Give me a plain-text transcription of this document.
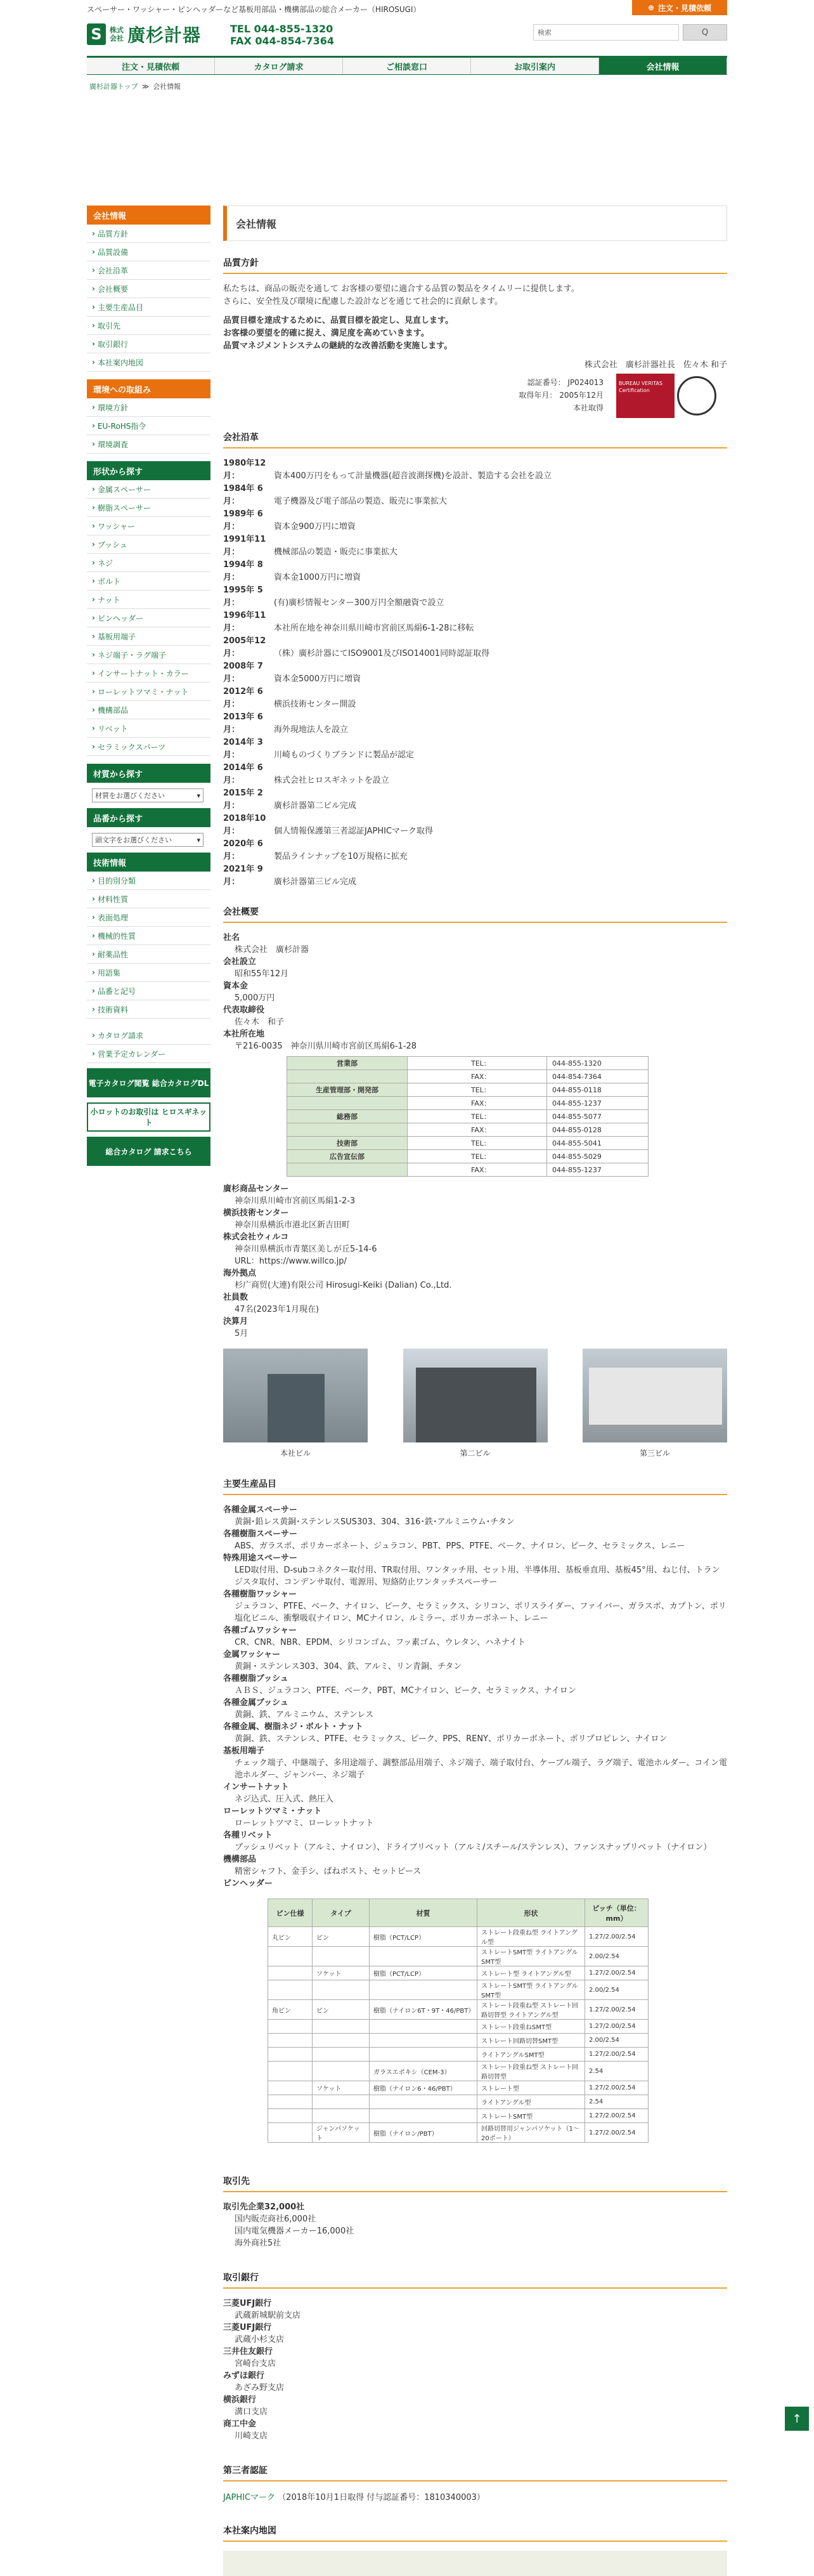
スペーサー・ワッシャー・ピンヘッダーなど基板用部品・機構部品の総合メーカー（HIROSUGI）	⊕ 注文・見積依頼
S	株式
会社 廣杉計器	TEL 044-855-1320
FAX 044-854-7364
検索	Q
注文・見積依頼	カタログ請求	ご相談窓口	お取引案内	会社情報
廣杉計器トップ ≫ 会社情報
会社情報
› 品質方針
› 品質設備
› 会社沿革
› 会社概要
› 主要生産品目
› 取引先
› 取引銀行
› 本社案内地図
環境への取組み
› 環境方針
› EU-RoHS指令
› 環境調査
形状から探す
› 金属スペーサー
› 樹脂スペーサー
› ワッシャー
› ブッシュ
› ネジ
› ボルト
› ナット
› ピンヘッダー
› 基板用端子
› ネジ端子・ラグ端子
› インサートナット・カラー
› ローレットツマミ・ナット
› 機構部品
› リベット
› セラミックスパーツ
材質から探す
材質をお選びください	▾
品番から探す
頭文字をお選びください	▾
技術情報
› 目的別分類
› 材料性質
› 表面処理
› 機械的性質
› 耐薬品性
› 用語集
› 品番と記号
› 技術資料
› カタログ請求
› 営業予定カレンダー
電子カタログ閲覧 総合カタログDL
小ロットのお取引は ヒロスギネット
総合カタログ 請求こちら
会社情報
品質方針
私たちは、商品の販売を通して お客様の要望に適合する品質の製品をタイムリーに提供します。
さらに、安全性及び環境に配慮した設計などを通じて社会的に貢献します。
品質目標を達成するために、品質目標を設定し、見直します。
お客様の要望を的確に捉え、満足度を高めていきます。
品質マネジメントシステムの継続的な改善活動を実施します。
株式会社　廣杉計器社長　佐々木 和子
認証番号： JP024013
取得年月： 2005年12月
本社取得
BUREAU VERITAS Certification
会社沿革
1980年12月：	資本400万円をもって計量機器(超音波測探機)を設計、製造する会社を設立
1984年 6月：	電子機器及び電子部品の製造、販売に事業拡大
1989年 6月：	資本金900万円に増資
1991年11月：	機械部品の製造・販売に事業拡大
1994年 8月：	資本金1000万円に増資
1995年 5月：	(有)廣杉情報センター300万円全額融資で設立
1996年11月：	本社所在地を神奈川県川崎市宮前区馬絹6-1-28に移転
2005年12月：	（株）廣杉計器にてISO9001及びISO14001同時認証取得
2008年 7月：	資本金5000万円に増資
2012年 6月：	横浜技術センター開設
2013年 6月：	海外現地法人を設立
2014年 3月：	川崎ものづくりブランドに製品が認定
2014年 6月：	株式会社ヒロスギネットを設立
2015年 2月：	廣杉計器第二ビル完成
2018年10月：	個人情報保護第三者認証JAPHICマーク取得
2020年 6月：	製品ラインナップを10万規格に拡充
2021年 9月：	廣杉計器第三ビル完成
会社概要
社名
株式会社　廣杉計器
会社設立
昭和55年12月
資本金
5,000万円
代表取締役
佐々木　和子
本社所在地
〒216-0035　神奈川県川崎市宮前区馬絹6-1-28
営業部	TEL：	044-855-1320
	FAX：	044-854-7364
生産管理部・開発部	TEL：	044-855-0118
	FAX：	044-855-1237
総務部	TEL：	044-855-5077
	FAX：	044-855-0128
技術部	TEL：	044-855-5041
広告宣伝部	TEL：	044-855-5029
	FAX：	044-855-1237
廣杉商品センター
神奈川県川崎市宮前区馬絹1-2-3
横浜技術センター
神奈川県横浜市港北区新吉田町
株式会社ウィルコ
神奈川県横浜市青葉区美しが丘5-14-6
URL：https://www.willco.jp/
海外拠点
杉广商贸(大連)有限公司 Hirosugi-Keiki (Dalian) Co.,Ltd.
社員数
47名(2023年1月現在)
決算月
5月
本社ビル	第二ビル	第三ビル
主要生産品目
各種金属スペーサー
黄銅･鉛レス黄銅･ステンレスSUS303、304、316･鉄･アルミニウム･チタン
各種樹脂スペーサー
ABS、ガラスポ、ポリカーボネート、ジュラコン、PBT、PPS、PTFE、ベーク、ナイロン、ピーク、セラミックス、レニー
特殊用途スペーサー
LED取付用、D-subコネクター取付用、TR取付用、ワンタッチ用、セット用、半導体用、基板垂直用、基板45°用、ねじ付、トランジスタ取付、コンデンサ取付、電源用、短絡防止ワンタッチスペーサー
各種樹脂ワッシャー
ジュラコン、PTFE、ベーク、ナイロン、ピーク、セラミックス、シリコン、ポリスライダー、ファイバー、ガラスポ、カプトン、ポリ塩化ビニル、衝撃吸収ナイロン、MCナイロン、ルミラー、ポリカーボネート、レニー
各種ゴムワッシャー
CR、CNR、NBR、EPDM、シリコンゴム、フッ素ゴム、ウレタン、ハネナイト
金属ワッシャー
黄銅・ステンレス303、304、鉄、アルミ、リン青銅、チタン
各種樹脂ブッシュ
ＡＢＳ、ジュラコン、PTFE、ベーク、PBT、MCナイロン、ピーク、セラミックス、ナイロン
各種金属ブッシュ
黄銅、鉄、アルミニウム、ステンレス
各種金属、樹脂ネジ・ボルト・ナット
黄銅、鉄、ステンレス、PTFE、セラミックス、ピーク、PPS、RENY、ポリカーボネート、ポリプロピレン、ナイロン
基板用端子
チェック端子、中継端子、多用途端子、調整部品用端子、ネジ端子、端子取付台、ケーブル端子、ラグ端子、電池ホルダー、コイン電池ホルダー、ジャンパー、ネジ端子
インサートナット
ネジ込式、圧入式、熱圧入
ローレットツマミ・ナット
ローレットツマミ、ローレットナット
各種リベット
プッシュリベット（アルミ、ナイロン）、ドライブリベット（アルミ/スチール/ステンレス）、ファンスナップリベット（ナイロン）
機構部品
精密シャフト、金手シ、ばねポスト、セットピース
ピンヘッダー
ピン仕様	タイプ	材質	形状	ピッチ（単位：mm）
丸ピン	ピン	樹脂（PCT/LCP）	ストレート段重ね型 ライトアングル型	1.27/2.00/2.54
			ストレートSMT型 ライトアングルSMT型	2.00/2.54
	ソケット	樹脂（PCT/LCP）	ストレート型 ライトアングル型	1.27/2.00/2.54
			ストレートSMT型 ライトアングルSMT型	2.00/2.54
角ピン	ピン	樹脂（ナイロン6T・9T・46/PBT）	ストレート段重ね型 ストレート回路切替型 ライトアングル型	1.27/2.00/2.54
			ストレート段重ねSMT型	1.27/2.00/2.54
			ストレート回路切替SMT型	2.00/2.54
			ライトアングルSMT型	1.27/2.00/2.54
		ガラスエポキシ（CEM-3）	ストレート段重ね型 ストレート回路切替型	2.54
	ソケット	樹脂（ナイロン6・46/PBT）	ストレート型	1.27/2.00/2.54
			ライトアングル型	2.54
			ストレートSMT型	1.27/2.00/2.54
	ジャンパソケット	樹脂（ナイロン/PBT）	回路切替用ジャンパソケット（1〜20ポート）	1.27/2.00/2.54
取引先
取引先企業32,000社
国内販売商社6,000社
国内電気機器メーカー16,000社
海外商社5社
取引銀行
三菱UFJ銀行
武蔵新城駅前支店
三菱UFJ銀行
武蔵小杉支店
三井住友銀行
宮崎台支店
みずほ銀行
あざみ野支店
横浜銀行
溝口支店
商工中金
川崎支店
第三者認証
JAPHICマーク （2018年10月1日取得 付与認証番号：1810340003）
本社案内地図
↑
